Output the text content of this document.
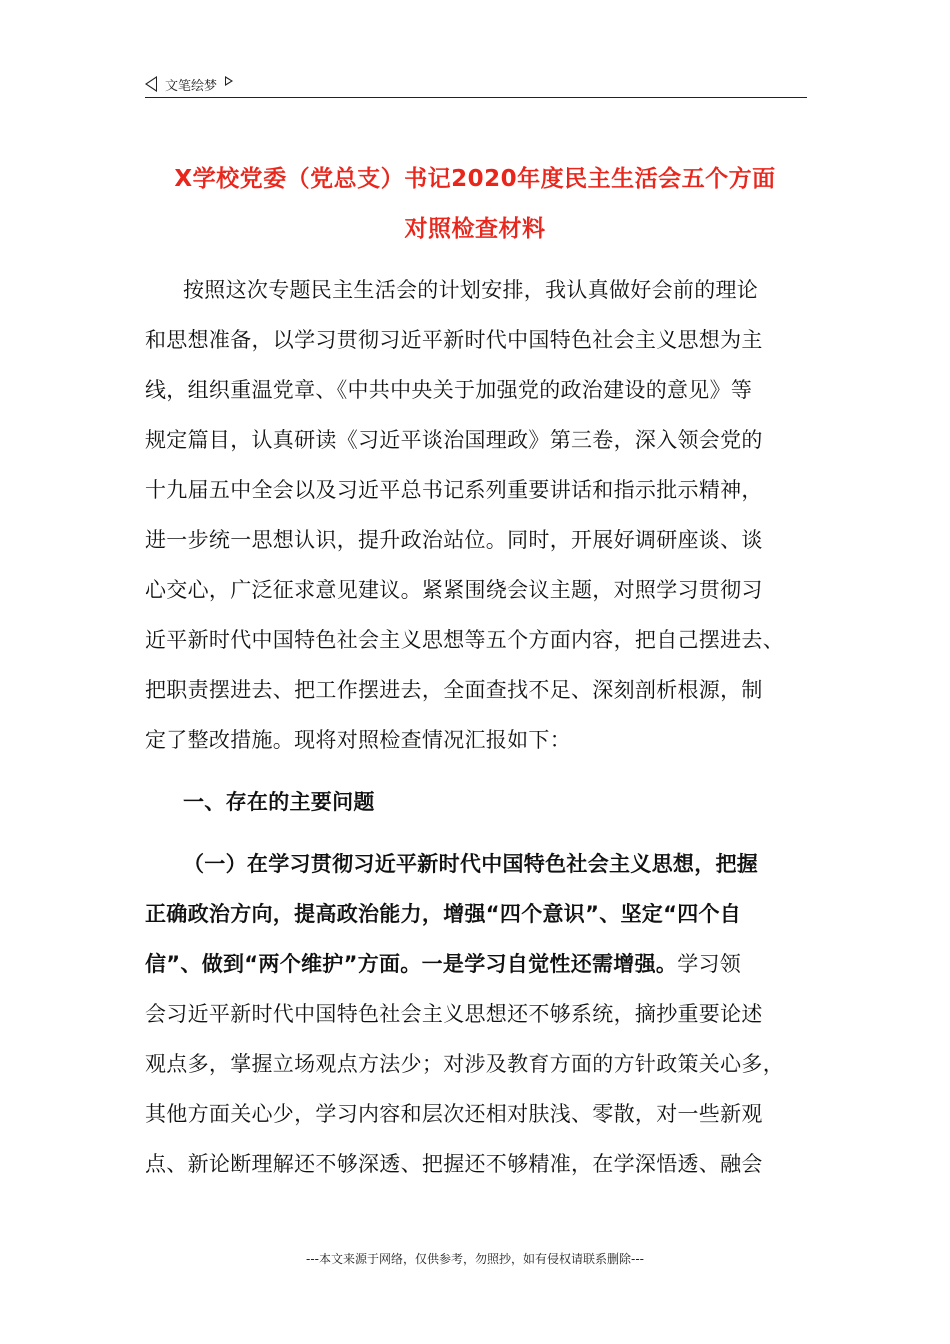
文笔绘梦
X学校党委（党总支）书记2020年度民主生活会五个方面
对照检查材料
按照这次专题民主生活会的计划安排，我认真做好会前的理论
和思想准备，以学习贯彻习近平新时代中国特色社会主义思想为主
线，组织重温党章、《中共中央关于加强党的政治建设的意见》等
规定篇目，认真研读《习近平谈治国理政》第三卷，深入领会党的
十九届五中全会以及习近平总书记系列重要讲话和指示批示精神，
进一步统一思想认识，提升政治站位。同时，开展好调研座谈、谈
心交心，广泛征求意见建议。紧紧围绕会议主题，对照学习贯彻习
近平新时代中国特色社会主义思想等五个方面内容，把自己摆进去、
把职责摆进去、把工作摆进去，全面查找不足、深刻剖析根源，制
定了整改措施。现将对照检查情况汇报如下：
一、存在的主要问题
（一）在学习贯彻习近平新时代中国特色社会主义思想，把握
正确政治方向，提高政治能力，增强“四个意识”、坚定“四个自
信”、做到“两个维护”方面。一是学习自觉性还需增强。学习领
会习近平新时代中国特色社会主义思想还不够系统，摘抄重要论述
观点多，掌握立场观点方法少；对涉及教育方面的方针政策关心多，
其他方面关心少，学习内容和层次还相对肤浅、零散，对一些新观
点、新论断理解还不够深透、把握还不够精准，在学深悟透、融会
---本文来源于网络，仅供参考，勿照抄，如有侵权请联系删除---
